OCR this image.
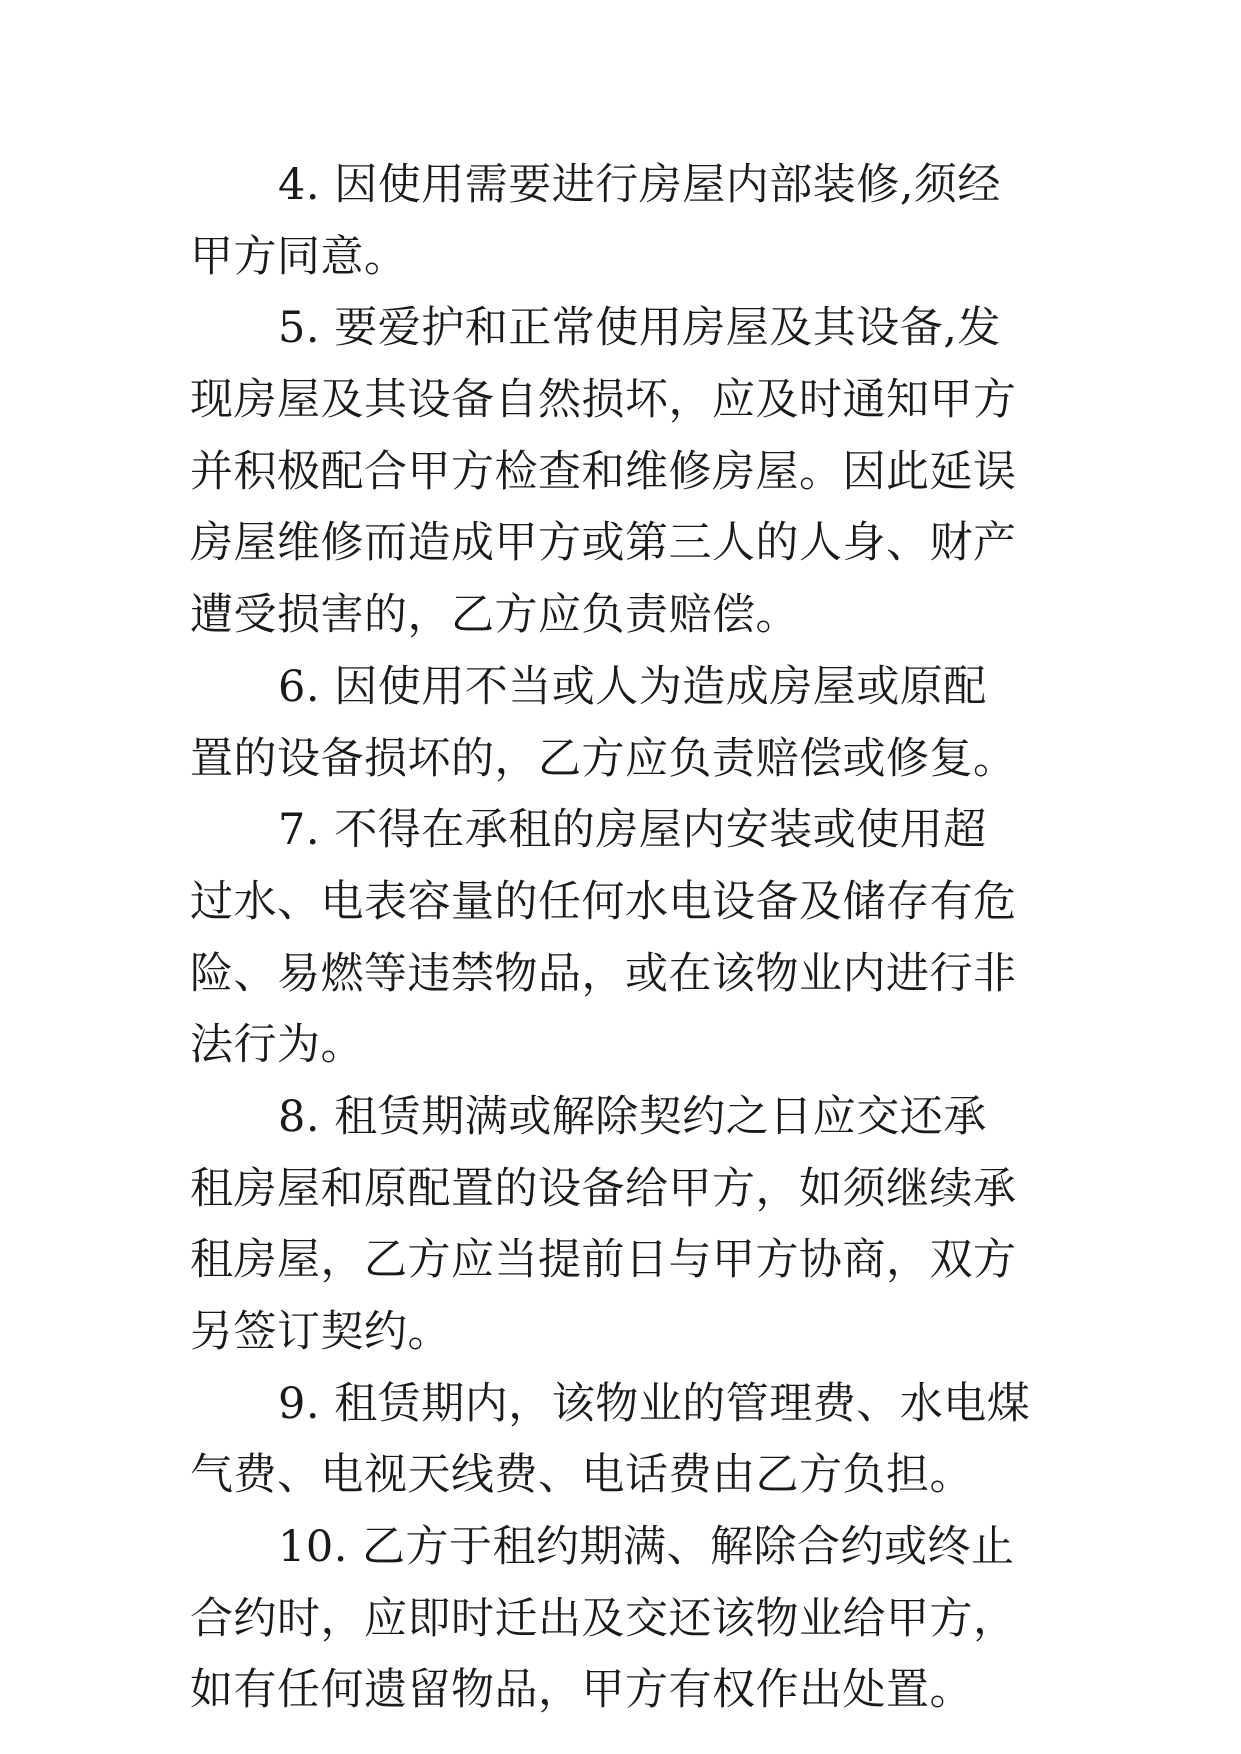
4. 因使用需要进行房屋内部装修,须经
甲方同意。
5. 要爱护和正常使用房屋及其设备,发
现房屋及其设备自然损坏，应及时通知甲方
并积极配合甲方检查和维修房屋。因此延误
房屋维修而造成甲方或第三人的人身、财产
遭受损害的，乙方应负责赔偿。
6. 因使用不当或人为造成房屋或原配
置的设备损坏的，乙方应负责赔偿或修复。
7. 不得在承租的房屋内安装或使用超
过水、电表容量的任何水电设备及储存有危
险、易燃等违禁物品，或在该物业内进行非
法行为。
8. 租赁期满或解除契约之日应交还承
租房屋和原配置的设备给甲方，如须继续承
租房屋，乙方应当提前日与甲方协商，双方
另签订契约。
9. 租赁期内，该物业的管理费、水电煤
气费、电视天线费、电话费由乙方负担。
10. 乙方于租约期满、解除合约或终止
合约时，应即时迁出及交还该物业给甲方，
如有任何遗留物品，甲方有权作出处置。
